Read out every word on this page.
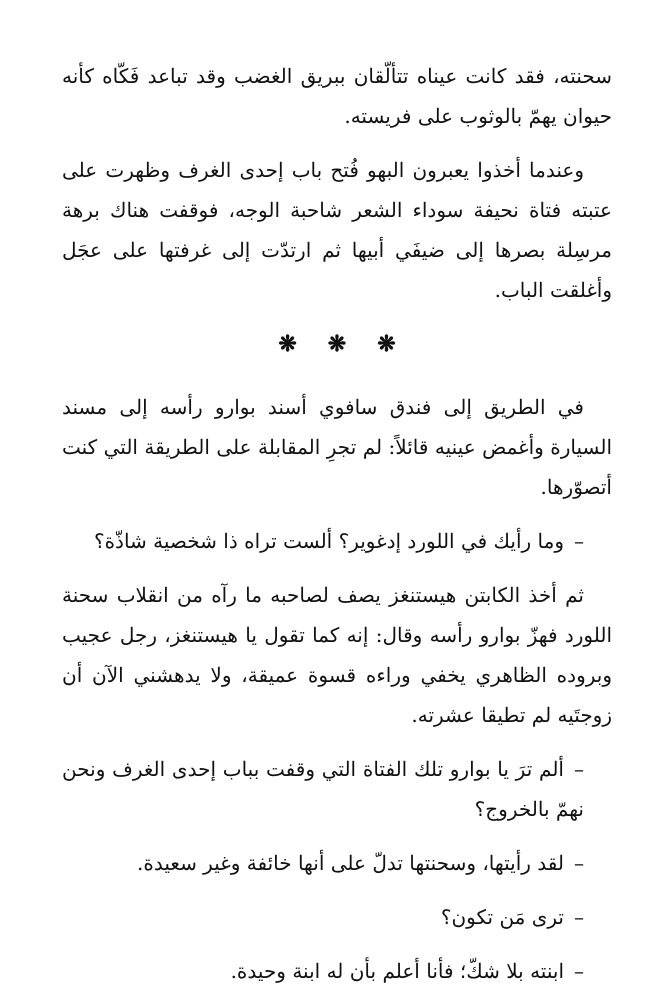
سحنته، فقد كانت عيناه تتألّقان ببريق الغضب وقد تباعد فَكّاه كأنه حيوان يهمّ بالوثوب على فريسته.

وعندما أخذوا يعبرون البهو فُتح باب إحدى الغرف وظهرت على عتبته فتاة نحيفة سوداء الشعر شاحبة الوجه، فوقفت هناك برهة مرسِلة بصرها إلى ضيفَي أبيها ثم ارتدّت إلى غرفتها على عجَل وأغلقت الباب.

❋ ❋ ❋

في الطريق إلى فندق سافوي أسند بوارو رأسه إلى مسند السيارة وأغمض عينيه قائلاً: لم تجرِ المقابلة على الطريقة التي كنت أتصوّرها.

–وما رأيك في اللورد إدغوير؟ ألست تراه ذا شخصية شاذّة؟

ثم أخذ الكابتن هيستنغز يصف لصاحبه ما رآه من انقلاب سحنة اللورد فهزّ بوارو رأسه وقال: إنه كما تقول يا هيستنغز، رجل عجيب وبروده الظاهري يخفي وراءه قسوة عميقة، ولا يدهشني الآن أن زوجتَيه لم تطيقا عشرته.

–ألم ترَ يا بوارو تلك الفتاة التي وقفت بباب إحدى الغرف ونحن نهمّ بالخروج؟

–لقد رأيتها، وسحنتها تدلّ على أنها خائفة وغير سعيدة.

–ترى مَن تكون؟

–ابنته بلا شكّ؛ فأنا أعلم بأن له ابنة وحيدة.
